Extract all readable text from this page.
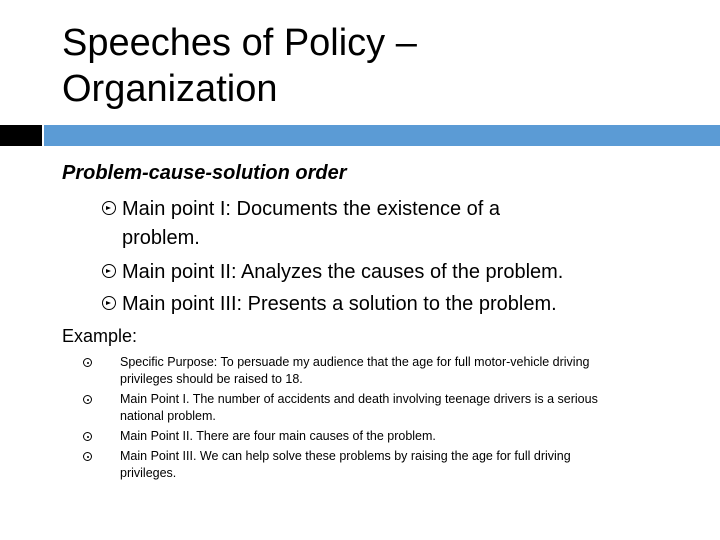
Speeches of Policy –
Organization
Problem-cause-solution order
Main point I: Documents the existence of a
problem.
Main point II: Analyzes the causes of the problem.
Main point III: Presents a solution to the problem.
Example:
Specific Purpose: To persuade my audience that the age for full motor-vehicle driving
privileges should be raised to 18.
Main Point I. The number of accidents and death involving teenage drivers is a serious
national problem.
Main Point II. There are four main causes of the problem.
Main Point III. We can help solve these problems by raising the age for full driving
privileges.
